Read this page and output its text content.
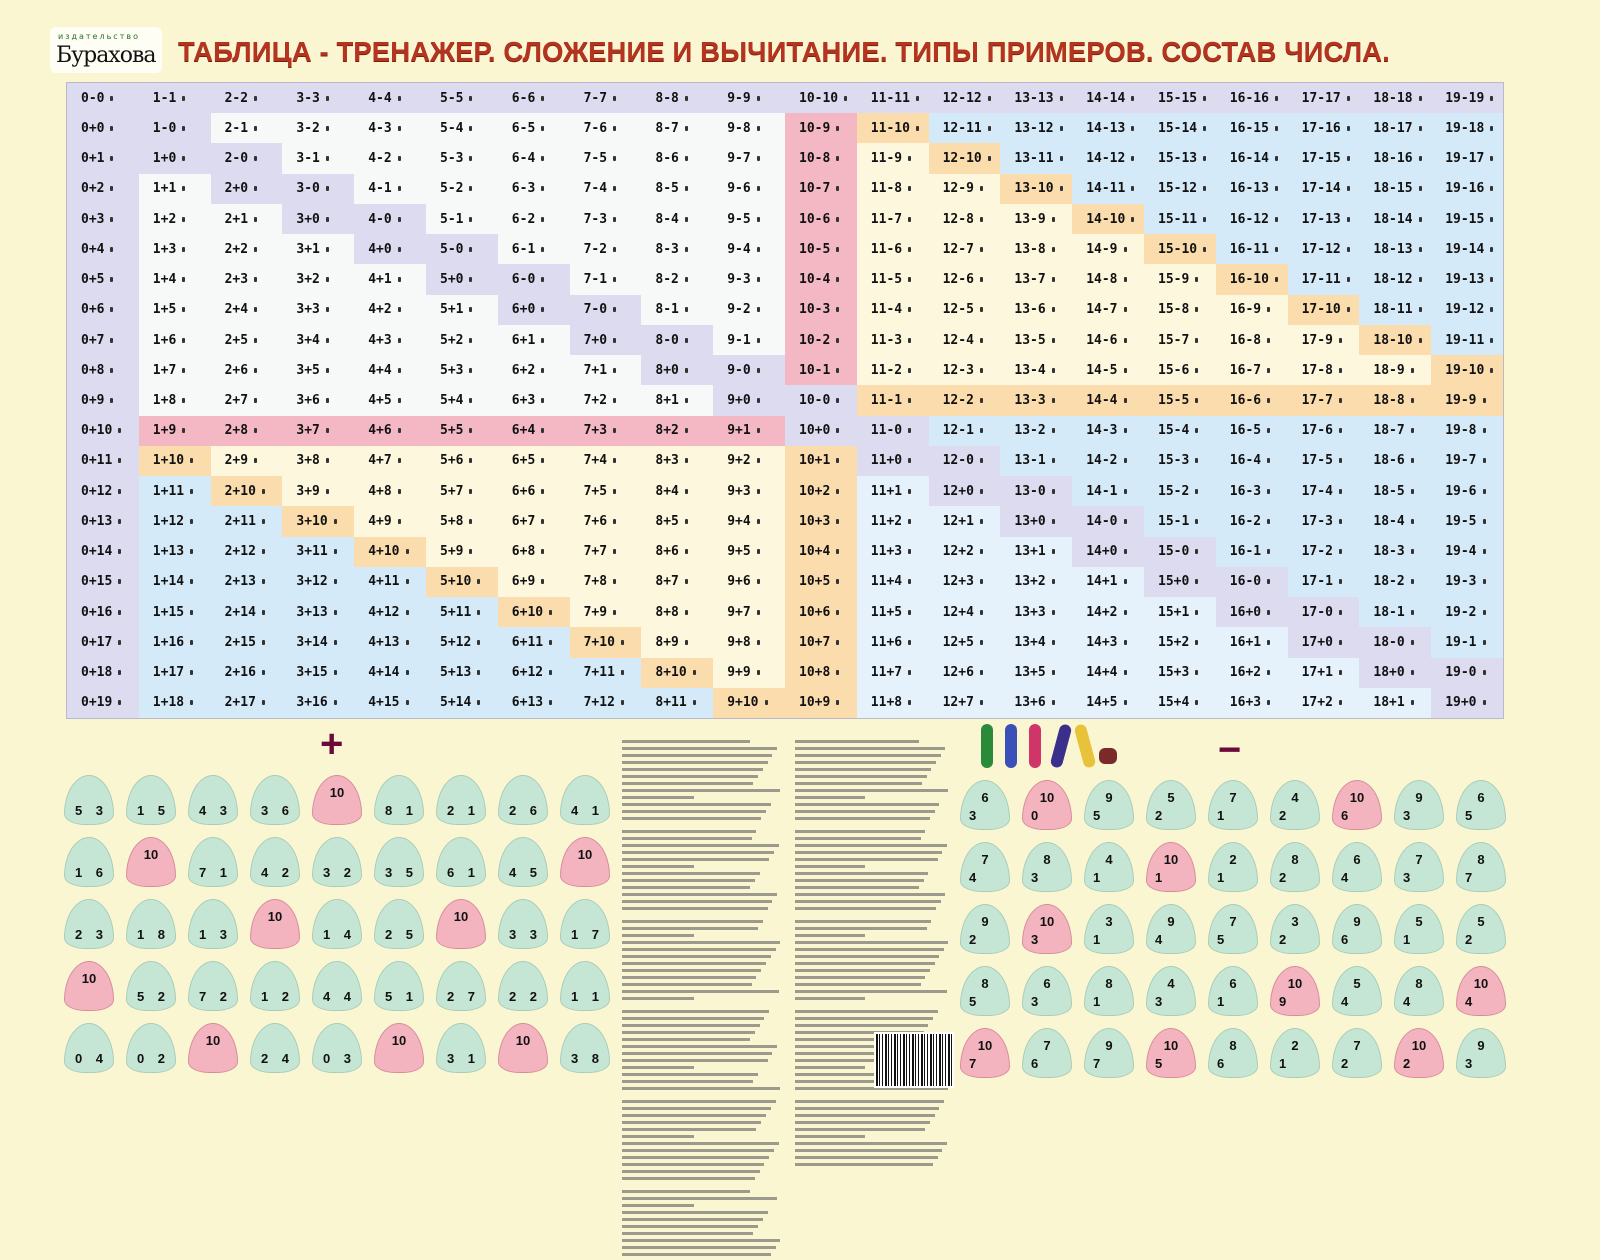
издательство
Бурахова ТАБЛИЦА - ТРЕНАЖЕР. СЛОЖЕНИЕ И ВЫЧИТАНИЕ. ТИПЫ ПРИМЕРОВ. СОСТАВ ЧИСЛА.
0-0	1-1	2-2	3-3	4-4	5-5	6-6	7-7	8-8	9-9	10-10	11-11	12-12	13-13	14-14	15-15	16-16	17-17	18-18	19-19
0+0	1-0	2-1	3-2	4-3	5-4	6-5	7-6	8-7	9-8	10-9	11-10	12-11	13-12	14-13	15-14	16-15	17-16	18-17	19-18
0+1	1+0	2-0	3-1	4-2	5-3	6-4	7-5	8-6	9-7	10-8	11-9	12-10	13-11	14-12	15-13	16-14	17-15	18-16	19-17
0+2	1+1	2+0	3-0	4-1	5-2	6-3	7-4	8-5	9-6	10-7	11-8	12-9	13-10	14-11	15-12	16-13	17-14	18-15	19-16
0+3	1+2	2+1	3+0	4-0	5-1	6-2	7-3	8-4	9-5	10-6	11-7	12-8	13-9	14-10	15-11	16-12	17-13	18-14	19-15
0+4	1+3	2+2	3+1	4+0	5-0	6-1	7-2	8-3	9-4	10-5	11-6	12-7	13-8	14-9	15-10	16-11	17-12	18-13	19-14
0+5	1+4	2+3	3+2	4+1	5+0	6-0	7-1	8-2	9-3	10-4	11-5	12-6	13-7	14-8	15-9	16-10	17-11	18-12	19-13
0+6	1+5	2+4	3+3	4+2	5+1	6+0	7-0	8-1	9-2	10-3	11-4	12-5	13-6	14-7	15-8	16-9	17-10	18-11	19-12
0+7	1+6	2+5	3+4	4+3	5+2	6+1	7+0	8-0	9-1	10-2	11-3	12-4	13-5	14-6	15-7	16-8	17-9	18-10	19-11
0+8	1+7	2+6	3+5	4+4	5+3	6+2	7+1	8+0	9-0	10-1	11-2	12-3	13-4	14-5	15-6	16-7	17-8	18-9	19-10
0+9	1+8	2+7	3+6	4+5	5+4	6+3	7+2	8+1	9+0	10-0	11-1	12-2	13-3	14-4	15-5	16-6	17-7	18-8	19-9
0+10	1+9	2+8	3+7	4+6	5+5	6+4	7+3	8+2	9+1	10+0	11-0	12-1	13-2	14-3	15-4	16-5	17-6	18-7	19-8
0+11	1+10	2+9	3+8	4+7	5+6	6+5	7+4	8+3	9+2	10+1	11+0	12-0	13-1	14-2	15-3	16-4	17-5	18-6	19-7
0+12	1+11	2+10	3+9	4+8	5+7	6+6	7+5	8+4	9+3	10+2	11+1	12+0	13-0	14-1	15-2	16-3	17-4	18-5	19-6
0+13	1+12	2+11	3+10	4+9	5+8	6+7	7+6	8+5	9+4	10+3	11+2	12+1	13+0	14-0	15-1	16-2	17-3	18-4	19-5
0+14	1+13	2+12	3+11	4+10	5+9	6+8	7+7	8+6	9+5	10+4	11+3	12+2	13+1	14+0	15-0	16-1	17-2	18-3	19-4
0+15	1+14	2+13	3+12	4+11	5+10	6+9	7+8	8+7	9+6	10+5	11+4	12+3	13+2	14+1	15+0	16-0	17-1	18-2	19-3
0+16	1+15	2+14	3+13	4+12	5+11	6+10	7+9	8+8	9+7	10+6	11+5	12+4	13+3	14+2	15+1	16+0	17-0	18-1	19-2
0+17	1+16	2+15	3+14	4+13	5+12	6+11	7+10	8+9	9+8	10+7	11+6	12+5	13+4	14+3	15+2	16+1	17+0	18-0	19-1
0+18	1+17	2+16	3+15	4+14	5+13	6+12	7+11	8+10	9+9	10+8	11+7	12+6	13+5	14+4	15+3	16+2	17+1	18+0	19-0
0+19	1+18	2+17	3+16	4+15	5+14	6+13	7+12	8+11	9+10	10+9	11+8	12+7	13+6	14+5	15+4	16+3	17+2	18+1	19+0
+
5 3	1 5	4 3	3 6
10
8 1	2 1	2 6	4 1
1 6
10
7 1	4 2	3 2	3 5	6 1	4 5
10
2 3	1 8	1 3
10
1 4	2 5
10
3 3	1 7
10
5 2	7 2	1 2	4 4	5 1	2 7	2 2	1 1
0 4	0 2
10
2 4	0 3
10
3 1
10
3 8
−
6
3
10
0
9
5
5
2
7
1
4
2
10
6
9
3
6
5
7
4
8
3
4
1
10
1
2
1
8
2
6
4
7
3
8
7
9
2
10
3
3
1
9
4
7
5
3
2
9
6
5
1
5
2
8
5
6
3
8
1
4
3
6
1
10
9
5
4
8
4
10
4
10
7
7
6
9
7
10
5
8
6
2
1
7
2
10
2
9
3
